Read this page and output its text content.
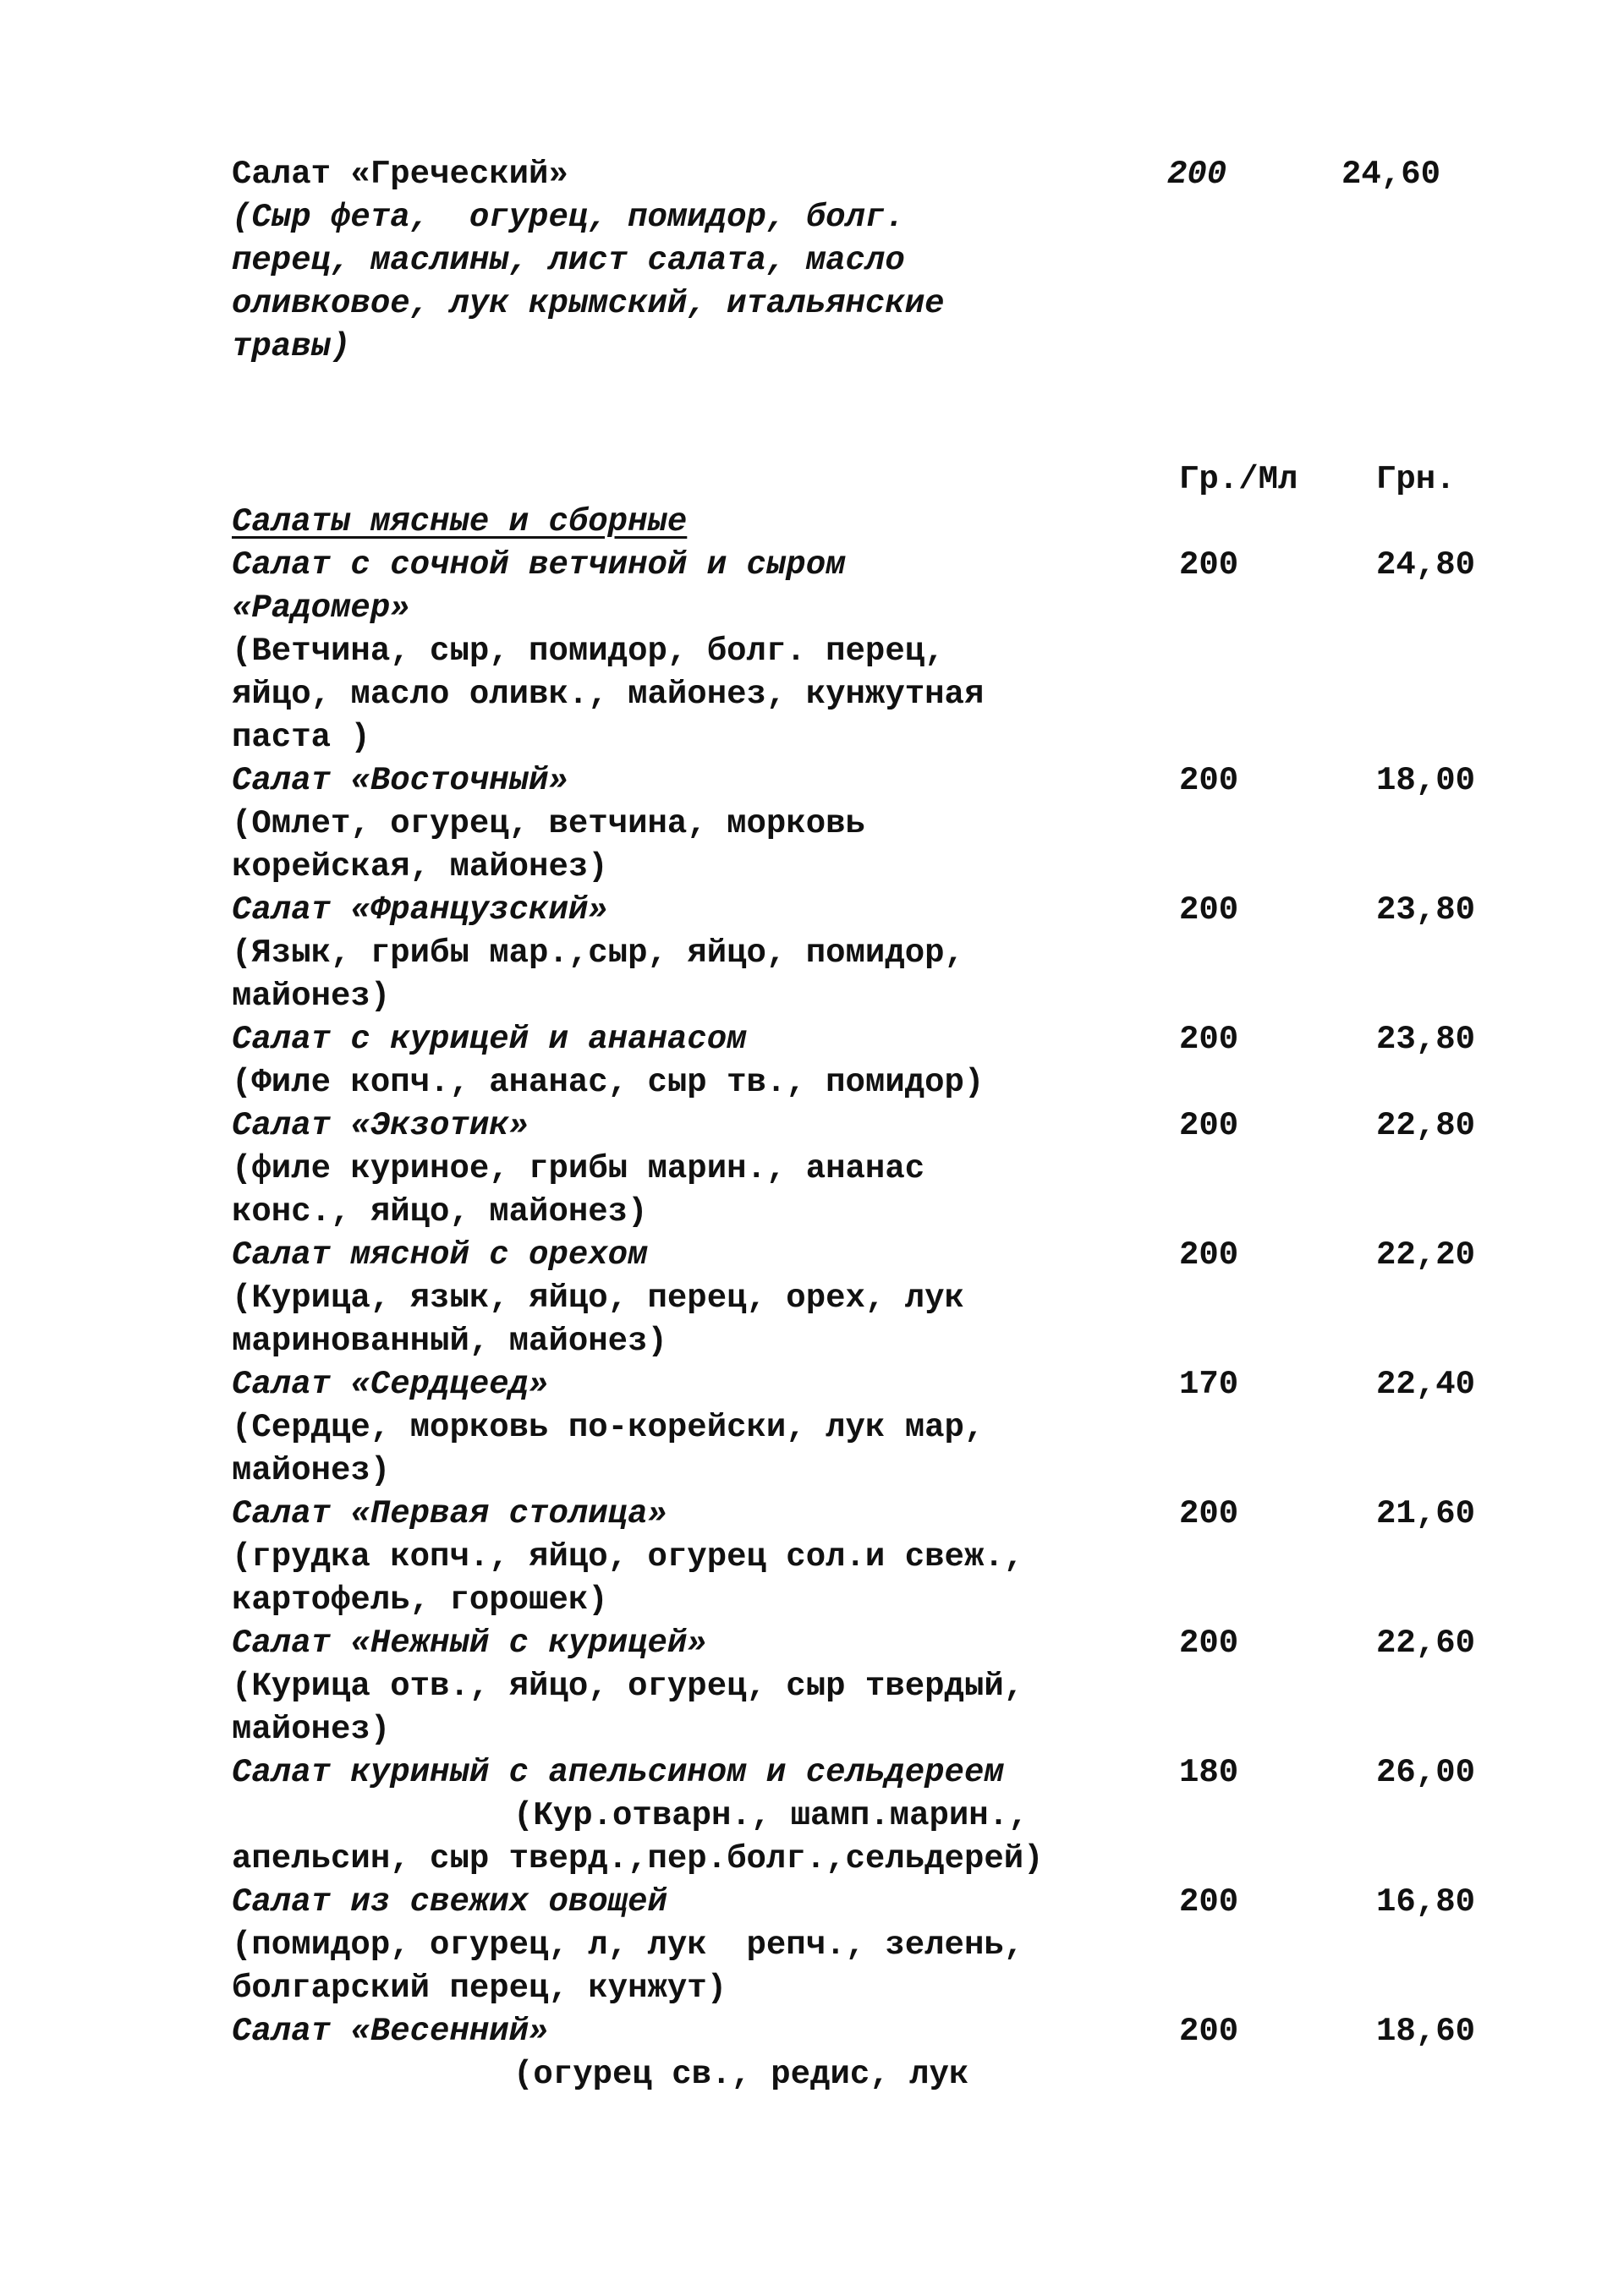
Салат «Греческий»	200	24,60
(Сыр фета,  огурец, помидор, болг.
перец, маслины, лист салата, масло
оливковое, лук крымский, итальянские
травы)
Гр./Мл Грн.
Салаты мясные и сборные
Салат с сочной ветчиной и сыром	200	24,80
«Радомер»
(Ветчина, сыр, помидор, болг. перец,
яйцо, масло оливк., майонез, кунжутная
паста )
Салат «Восточный»	200	18,00
(Омлет, огурец, ветчина, морковь
корейская, майонез)
Салат «Французский»	200	23,80
(Язык, грибы мар.,сыр, яйцо, помидор,
майонез)
Салат с курицей и ананасом	200	23,80
(Филе копч., ананас, сыр тв., помидор)
Салат «Экзотик»	200	22,80
(филе куриное, грибы марин., ананас
конс., яйцо, майонез)
Салат мясной с орехом	200	22,20
(Курица, язык, яйцо, перец, орех, лук
маринованный, майонез)
Салат «Сердцеед»	170	22,40
(Сердце, морковь по-корейски, лук мар,
майонез)
Салат «Первая столица»	200	21,60
(грудка копч., яйцо, огурец сол.и свеж.,
картофель, горошек)
Салат «Нежный с курицей»	200	22,60
(Курица отв., яйцо, огурец, сыр твердый,
майонез)
Салат куриный с апельсином и сельдереем	180	26,00
(Кур.отварн., шамп.марин.,
апельсин, сыр тверд.,пер.болг.,сельдерей)
Салат из свежих овощей	200	16,80
(помидор, огурец, л, лук  репч., зелень,
болгарский перец, кунжут)
Салат «Весенний»	200	18,60
(огурец св., редис, лук
